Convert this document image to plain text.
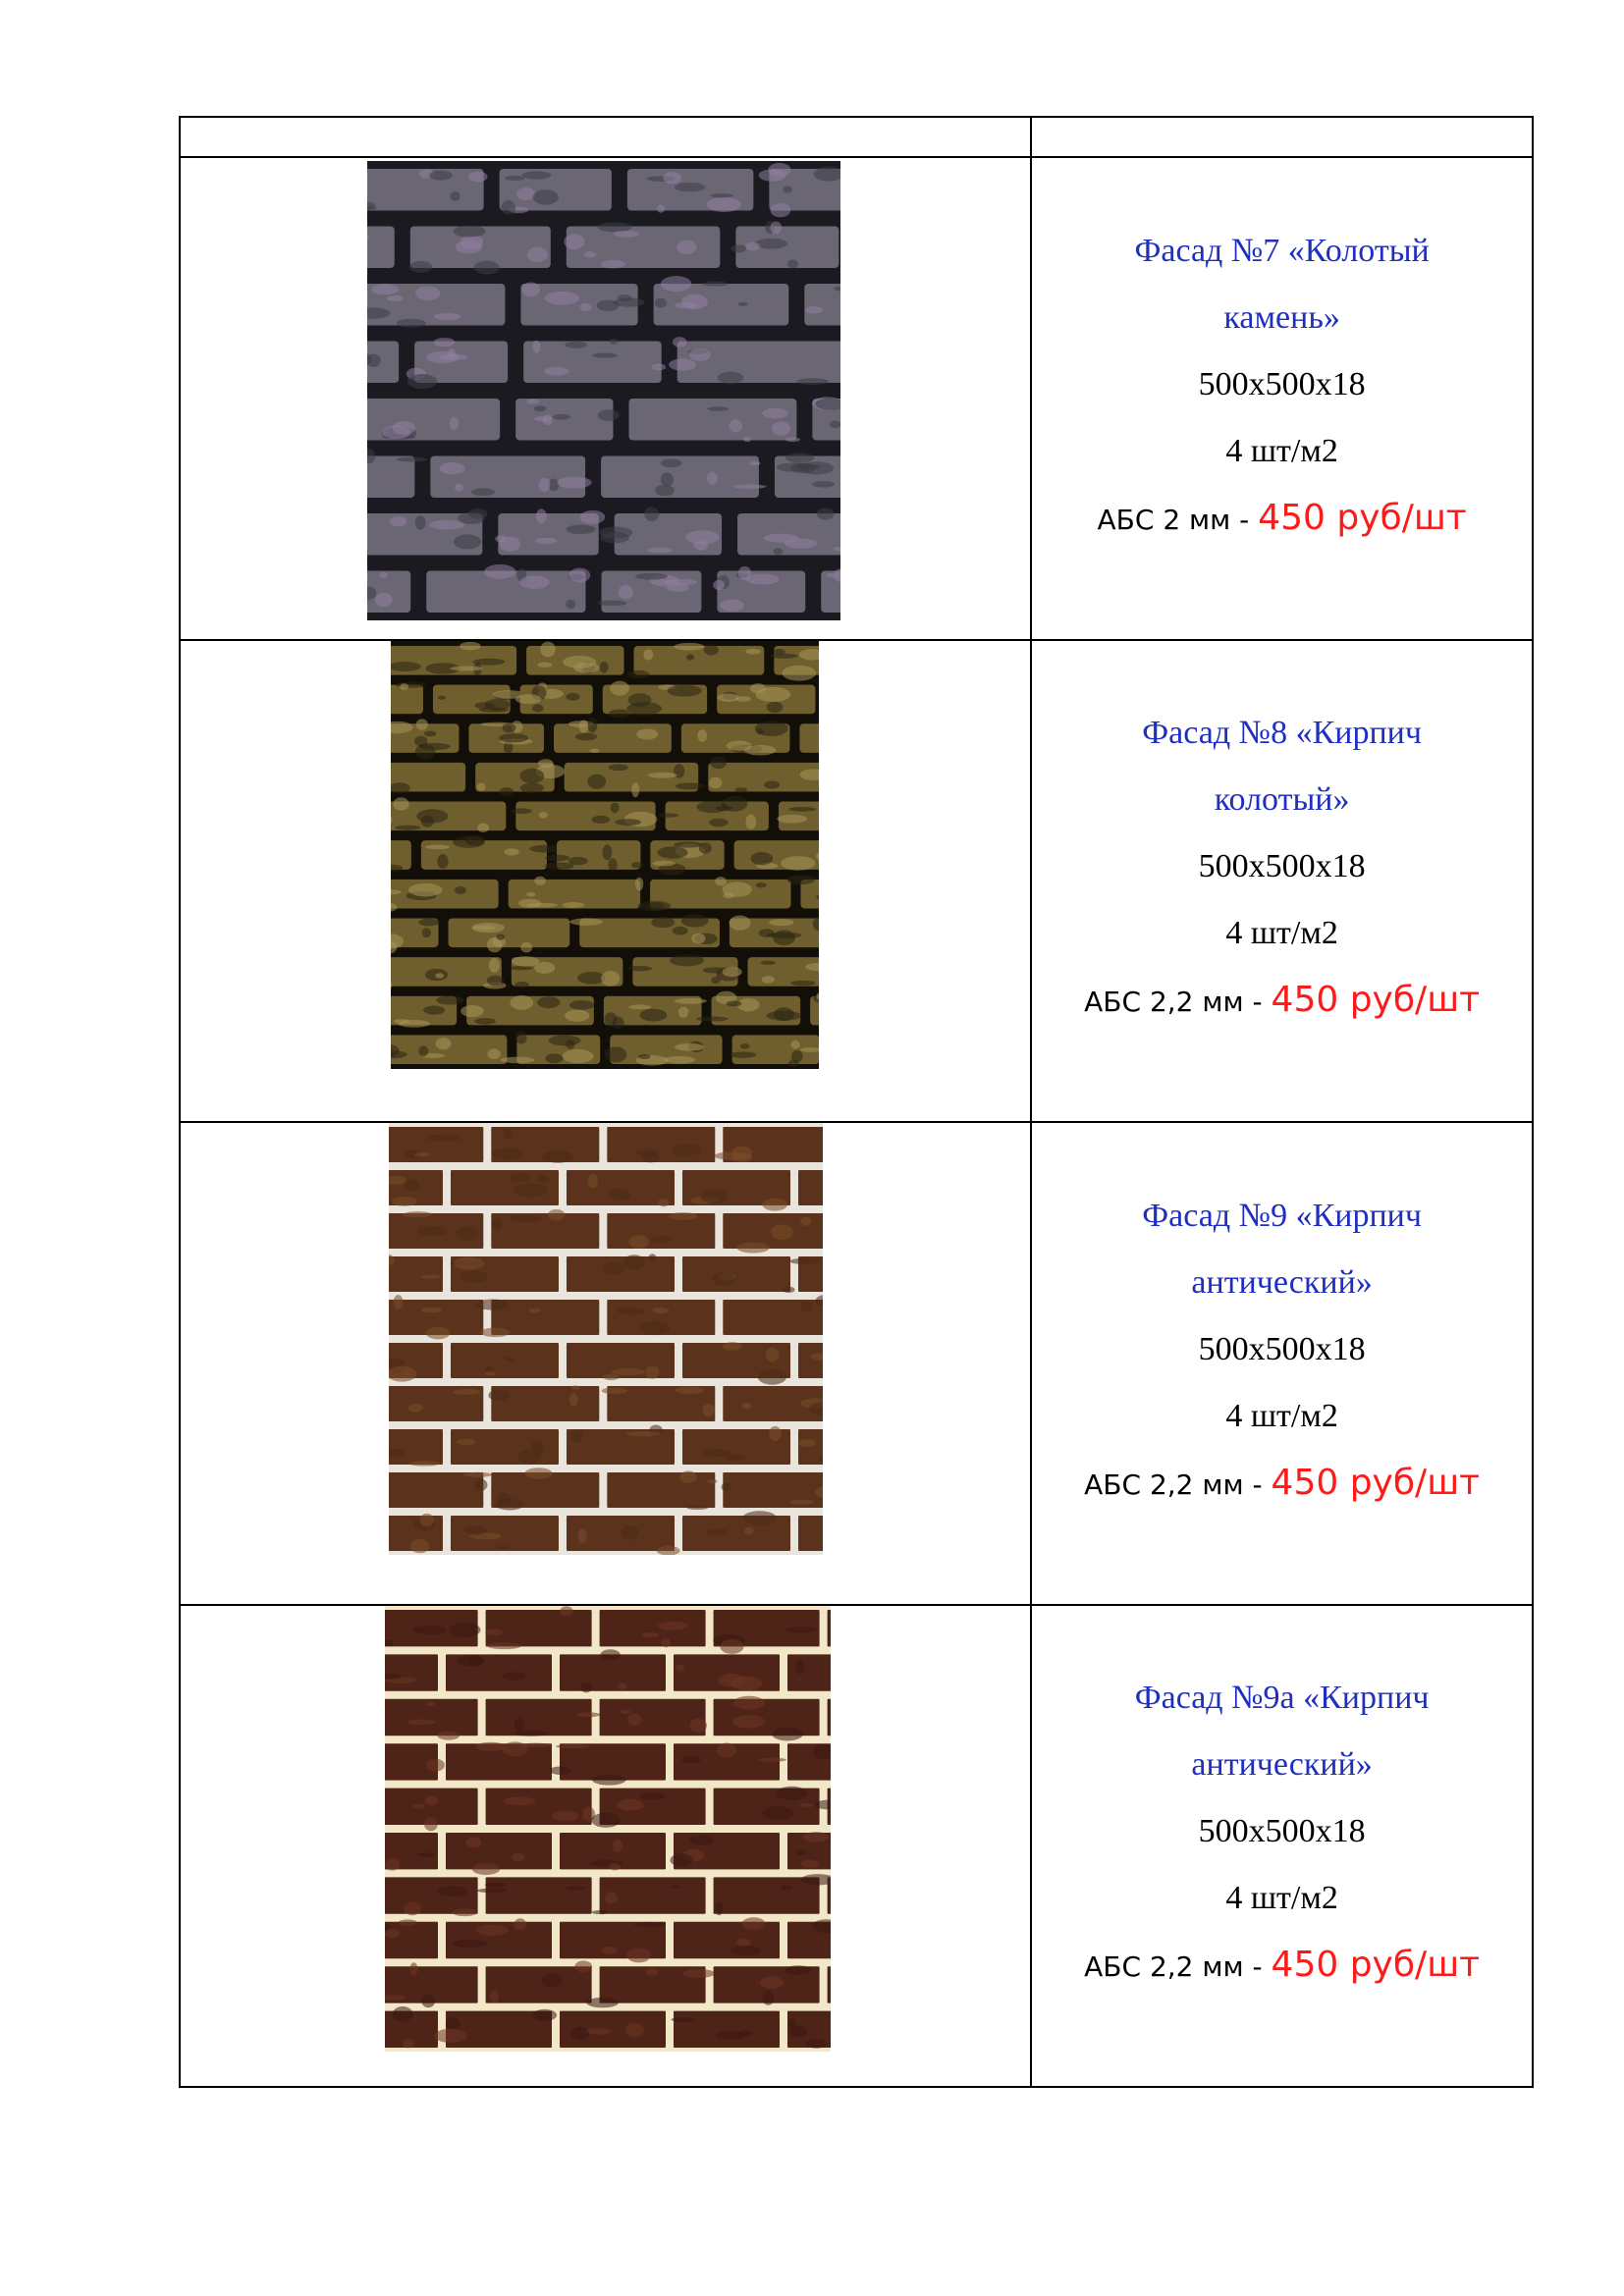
Фасад №7 «Колотый
камень»
500х500х18
4 шт/м2
АБС 2 мм - 450 руб/шт

Фасад №8 «Кирпич
колотый»
500х500х18
4 шт/м2
АБС 2,2 мм - 450 руб/шт

Фасад №9 «Кирпич
антический»
500х500х18
4 шт/м2
АБС 2,2 мм - 450 руб/шт

Фасад №9а «Кирпич
антический»
500х500х18
4 шт/м2
АБС 2,2 мм - 450 руб/шт
